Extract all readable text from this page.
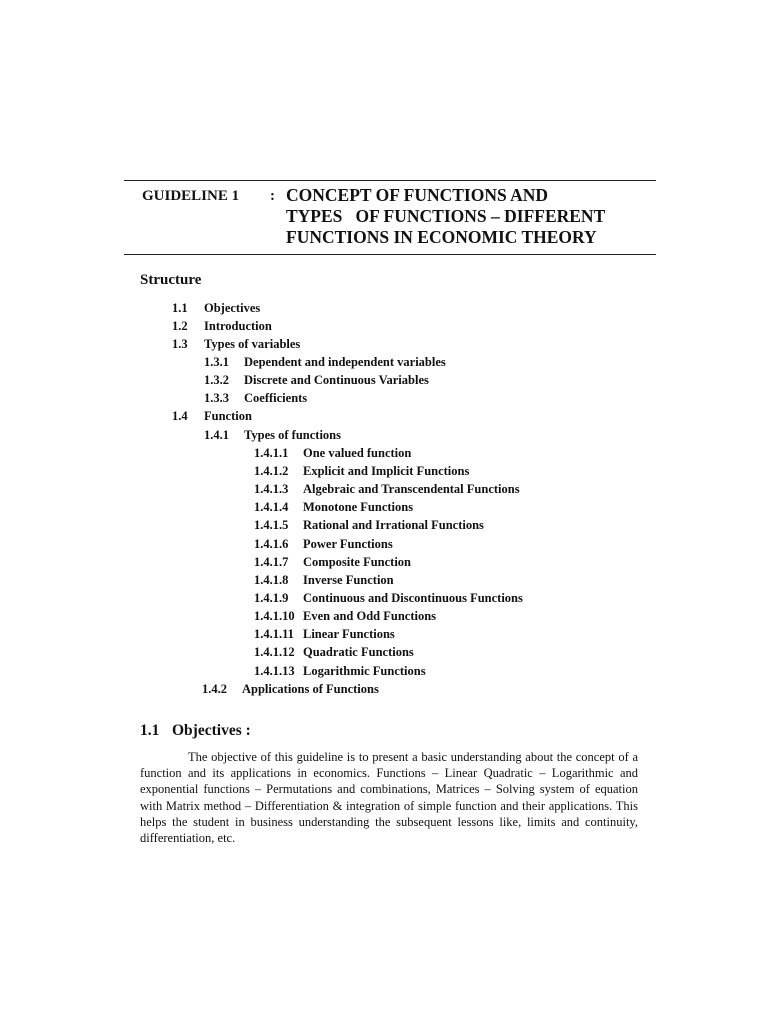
GUIDELINE 1 : CONCEPT OF FUNCTIONS AND
TYPES   OF FUNCTIONS – DIFFERENT
FUNCTIONS IN ECONOMIC THEORY
Structure
1.1 Objectives
1.2 Introduction
1.3 Types of variables
1.3.1 Dependent and independent variables
1.3.2 Discrete and Continuous Variables
1.3.3 Coefficients
1.4 Function
1.4.1 Types of functions
1.4.1.1 One valued function
1.4.1.2 Explicit and Implicit Functions
1.4.1.3 Algebraic and Transcendental Functions
1.4.1.4 Monotone Functions
1.4.1.5 Rational and Irrational Functions
1.4.1.6 Power Functions
1.4.1.7 Composite Function
1.4.1.8 Inverse Function
1.4.1.9 Continuous and Discontinuous Functions
1.4.1.10 Even and Odd Functions
1.4.1.11 Linear Functions
1.4.1.12 Quadratic Functions
1.4.1.13 Logarithmic Functions
1.4.2 Applications of Functions
1.1 Objectives :
The objective of this guideline is to present a basic understanding about the concept of a function and its applications in economics. Functions – Linear Quadratic – Logarithmic and exponential functions – Permutations and combinations, Matrices – Solving system of equation with Matrix method – Differentiation & integration of simple function and their applications. This helps the student in business understanding the subsequent lessons like, limits and continuity, differentiation, etc.
